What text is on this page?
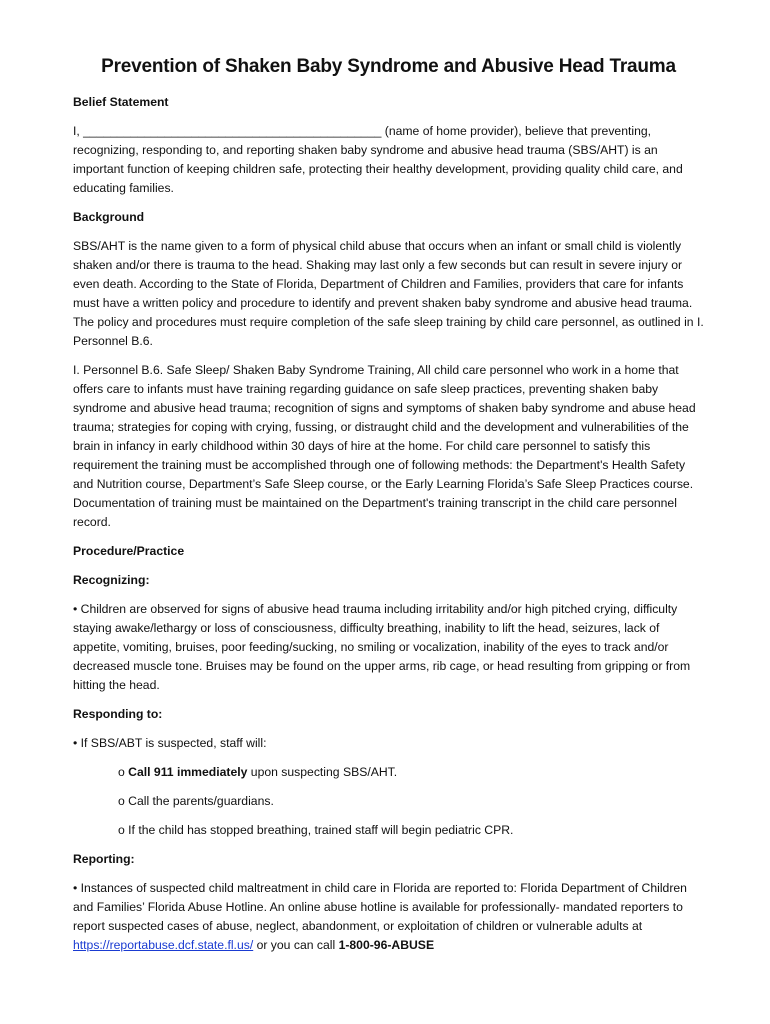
Prevention of Shaken Baby Syndrome and Abusive Head Trauma
Belief Statement

I, ____________________________________________ (name of home provider), believe that preventing, recognizing, responding to, and reporting shaken baby syndrome and abusive head trauma (SBS/AHT) is an important function of keeping children safe, protecting their healthy development, providing quality child care, and educating families.

Background

SBS/AHT is the name given to a form of physical child abuse that occurs when an infant or small child is violently shaken and/or there is trauma to the head. Shaking may last only a few seconds but can result in severe injury or even death. According to the State of Florida, Department of Children and Families, providers that care for infants must have a written policy and procedure to identify and prevent shaken baby syndrome and abusive head trauma. The policy and procedures must require completion of the safe sleep training by child care personnel, as outlined in I. Personnel B.6.

I. Personnel B.6. Safe Sleep/ Shaken Baby Syndrome Training, All child care personnel who work in a home that offers care to infants must have training regarding guidance on safe sleep practices, preventing shaken baby syndrome and abusive head trauma; recognition of signs and symptoms of shaken baby syndrome and abuse head trauma; strategies for coping with crying, fussing, or distraught child and the development and vulnerabilities of the brain in infancy in early childhood within 30 days of hire at the home. For child care personnel to satisfy this requirement the training must be accomplished through one of following methods: the Department's Health Safety and Nutrition course, Department’s Safe Sleep course, or the Early Learning Florida’s Safe Sleep Practices course. Documentation of training must be maintained on the Department's training transcript in the child care personnel record.

Procedure/Practice
Recognizing:

• Children are observed for signs of abusive head trauma including irritability and/or high pitched crying, difficulty staying awake/lethargy or loss of consciousness, difficulty breathing, inability to lift the head, seizures, lack of appetite, vomiting, bruises, poor feeding/sucking, no smiling or vocalization, inability of the eyes to track and/or decreased muscle tone. Bruises may be found on the upper arms, rib cage, or head resulting from gripping or from hitting the head.

Responding to:

• If SBS/ABT is suspected, staff will:

o Call 911 immediately upon suspecting SBS/AHT.

o Call the parents/guardians.

o If the child has stopped breathing, trained staff will begin pediatric CPR.

Reporting:

• Instances of suspected child maltreatment in child care in Florida are reported to: Florida Department of Children and Families’ Florida Abuse Hotline. An online abuse hotline is available for professionally- mandated reporters to report suspected cases of abuse, neglect, abandonment, or exploitation of children or vulnerable adults at https://reportabuse.dcf.state.fl.us/ or you can call 1-800-96-ABUSE
